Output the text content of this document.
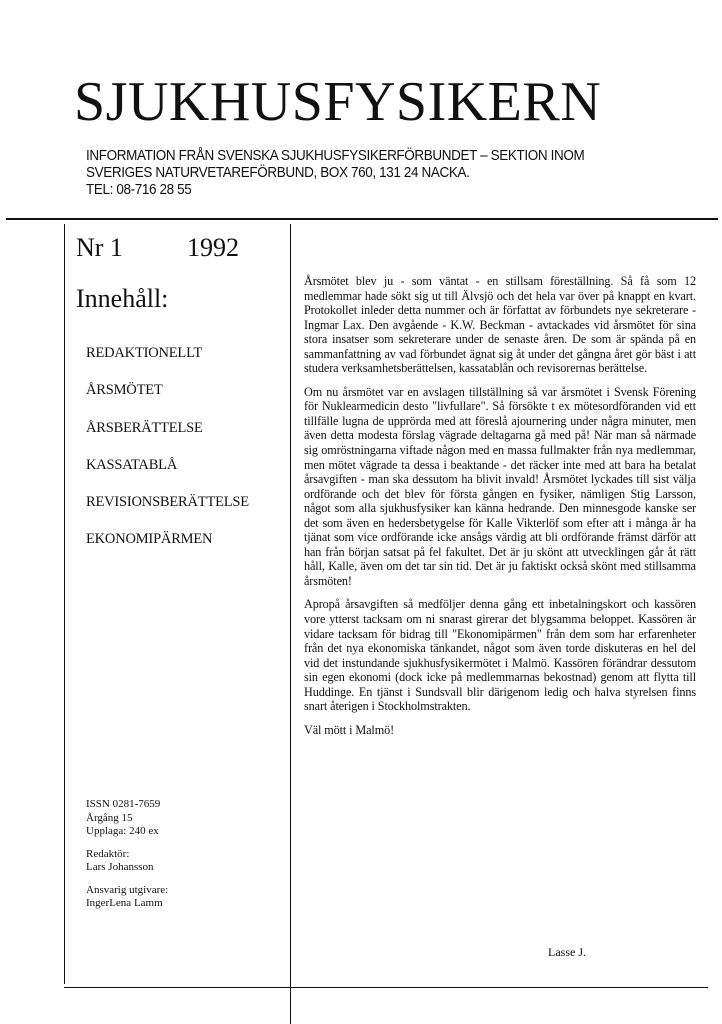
SJUKHUSFYSIKERN
INFORMATION FRÅN SVENSKA SJUKHUSFYSIKERFÖRBUNDET – SEKTION INOM
SVERIGES NATURVETAREFÖRBUND, BOX 760, 131 24 NACKA.
TEL: 08-716 28 55
Nr 1 1992
Innehåll:
REDAKTIONELLT
ÅRSMÖTET
ÅRSBERÄTTELSE
KASSATABLÅ
REVISIONSBERÄTTELSE
EKONOMIPÄRMEN
ISSN 0281-7659
Årgång 15
Upplaga: 240 ex
Redaktör:
Lars Johansson
Ansvarig utgivare:
IngerLena Lamm

Årsmötet blev ju - som väntat - en stillsam föreställning. Så få som 12 medlemmar hade sökt sig ut till Älvsjö och det hela var över på knappt en kvart. Protokollet inleder detta nummer och är författat av förbundets nye sekreterare - Ingmar Lax. Den avgående - K.W. Beckman - avtackades vid årsmötet för sina stora insatser som sekreterare under de senaste åren. De som är spända på en sammanfattning av vad förbundet ägnat sig åt under det gångna året gör bäst i att studera verksamhetsberättelsen, kassatablån och revisorernas berättelse.

Om nu årsmötet var en avslagen tillställning så var årsmötet i Svensk Förening för Nuklearmedicin desto "livfullare". Så försökte t ex mötesordföranden vid ett tillfälle lugna de upprörda med att föreslå ajournering under några minuter, men även detta modesta förslag vägrade deltagarna gå med på! När man så närmade sig omröstningarna viftade någon med en massa fullmakter från nya medlemmar, men mötet vägrade ta dessa i beaktande - det räcker inte med att bara ha betalat årsavgiften - man ska dessutom ha blivit invald! Årsmötet lyckades till sist välja ordförande och det blev för första gången en fysiker, nämligen Stig Larsson, något som alla sjukhusfysiker kan känna hedrande. Den minnesgode kanske ser det som även en hedersbetygelse för Kalle Vikterlöf som efter att i många år ha tjänat som vice ordförande icke ansågs värdig att bli ordförande främst därför att han från början satsat på fel fakultet. Det är ju skönt att utvecklingen går åt rätt håll, Kalle, även om det tar sin tid. Det är ju faktiskt också skönt med stillsamma årsmöten!

Apropå årsavgiften så medföljer denna gång ett inbetalningskort och kassören vore ytterst tacksam om ni snarast girerar det blygsamma beloppet. Kassören är vidare tacksam för bidrag till "Ekonomipärmen" från dem som har erfarenheter från det nya ekonomiska tänkandet, något som även torde diskuteras en hel del vid det instundande sjukhusfysikermötet i Malmö. Kassören förändrar dessutom sin egen ekonomi (dock icke på medlemmarnas bekostnad) genom att flytta till Huddinge. En tjänst i Sundsvall blir därigenom ledig och halva styrelsen finns snart återigen i Stockholmstrakten.

Väl mött i Malmö!

Lasse J.
